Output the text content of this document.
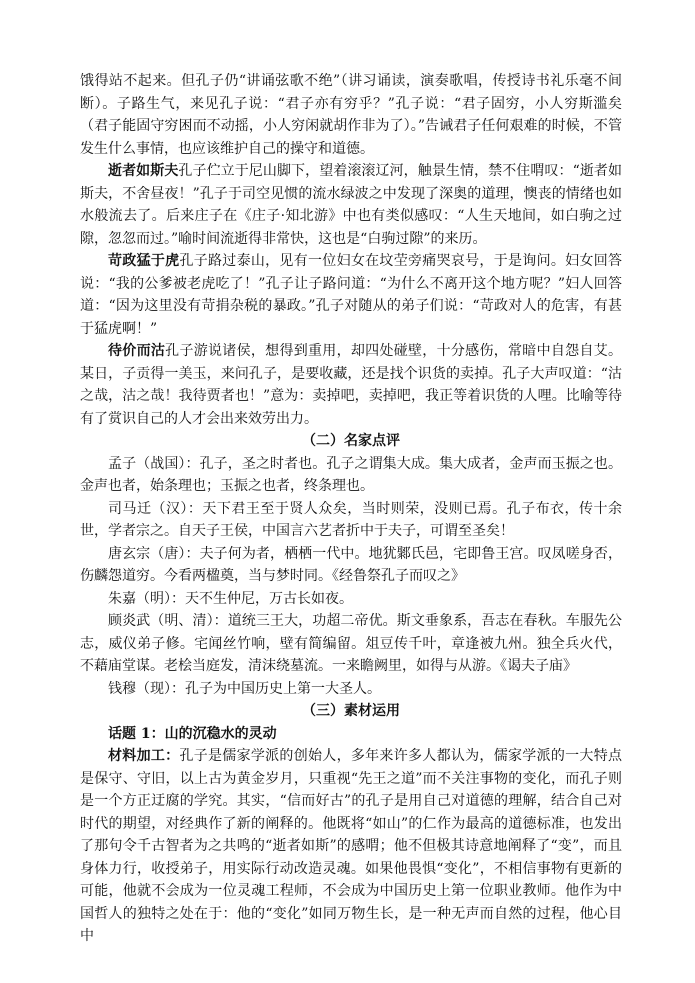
饿得站不起来。但孔子仍“讲诵弦歌不绝”（讲习诵读，演奏歌唱，传授诗书礼乐毫不间断）。子路生气，来见孔子说：“君子亦有穷乎？”孔子说：“君子固穷，小人穷斯滥矣（君子能固守穷困而不动摇，小人穷闲就胡作非为了）。”告诫君子任何艰难的时候，不管发生什么事情，也应该维护自己的操守和道德。

逝者如斯夫孔子伫立于尼山脚下，望着滚滚辽河，触景生情，禁不住喟叹：“逝者如斯夫，不舍昼夜！”孔子于司空见惯的流水绿波之中发现了深奥的道理，懊丧的情绪也如水般流去了。后来庄子在《庄子·知北游》中也有类似感叹：“人生天地间，如白驹之过隙，忽忽而过。”喻时间流逝得非常快，这也是“白驹过隙”的来历。

苛政猛于虎孔子路过泰山，见有一位妇女在坟茔旁痛哭哀号，于是询问。妇女回答说：“我的公爹被老虎吃了！”孔子让子路问道：“为什么不离开这个地方呢？”妇人回答道：“因为这里没有苛捐杂税的暴政。”孔子对随从的弟子们说：“苛政对人的危害，有甚于猛虎啊！”

待价而沽孔子游说诸侯，想得到重用，却四处碰壁，十分感伤，常暗中自怨自艾。某日，子贡得一美玉，来问孔子，是要收藏，还是找个识货的卖掉。孔子大声叹道：“沽之哉，沽之哉！我待贾者也！”意为：卖掉吧，卖掉吧，我正等着识货的人哩。比喻等待有了赏识自己的人才会出来效劳出力。

（二）名家点评

孟子（战国）：孔子，圣之时者也。孔子之谓集大成。集大成者，金声而玉振之也。金声也者，始条理也；玉振之也者，终条理也。

司马迁（汉）：天下君王至于贤人众矣，当时则荣，没则已焉。孔子布衣，传十余世，学者宗之。自天子王侯，中国言六艺者折中于夫子，可谓至圣矣！

唐玄宗（唐）：夫子何为者，栖栖一代中。地犹鄹氏邑，宅即鲁王宫。叹凤嗟身否，伤麟怨道穷。今看两楹奠，当与梦时同。《经鲁祭孔子而叹之》

朱嘉（明）：天不生仲尼，万古长如夜。

顾炎武（明、清）：道统三王大，功超二帝优。斯文垂象系，吾志在春秋。车服先公志，威仪弟子修。宅闻丝竹响，壁有简编留。俎豆传千叶，章逢被九州。独全兵火代，不藉庙堂谋。老桧当庭发，清沫绕墓流。一来瞻阙里，如得与从游。《谒夫子庙》

钱穆（现）：孔子为中国历史上第一大圣人。

（三）素材运用
话题 1：山的沉稳水的灵动

材料加工：孔子是儒家学派的创始人，多年来许多人都认为，儒家学派的一大特点是保守、守旧，以上古为黄金岁月，只重视“先王之道”而不关注事物的变化，而孔子则是一个方正迂腐的学究。其实，“信而好古”的孔子是用自己对道德的理解，结合自己对时代的期望，对经典作了新的阐释的。他既将“如山”的仁作为最高的道德标准，也发出了那句令千古智者为之共鸣的“逝者如斯”的感喟；他不但极其诗意地阐释了“变”，而且身体力行，收授弟子，用实际行动改造灵魂。如果他畏惧“变化”，不相信事物有更新的可能，他就不会成为一位灵魂工程师，不会成为中国历史上第一位职业教师。他作为中国哲人的独特之处在于：他的“变化”如同万物生长，是一种无声而自然的过程，他心目中
